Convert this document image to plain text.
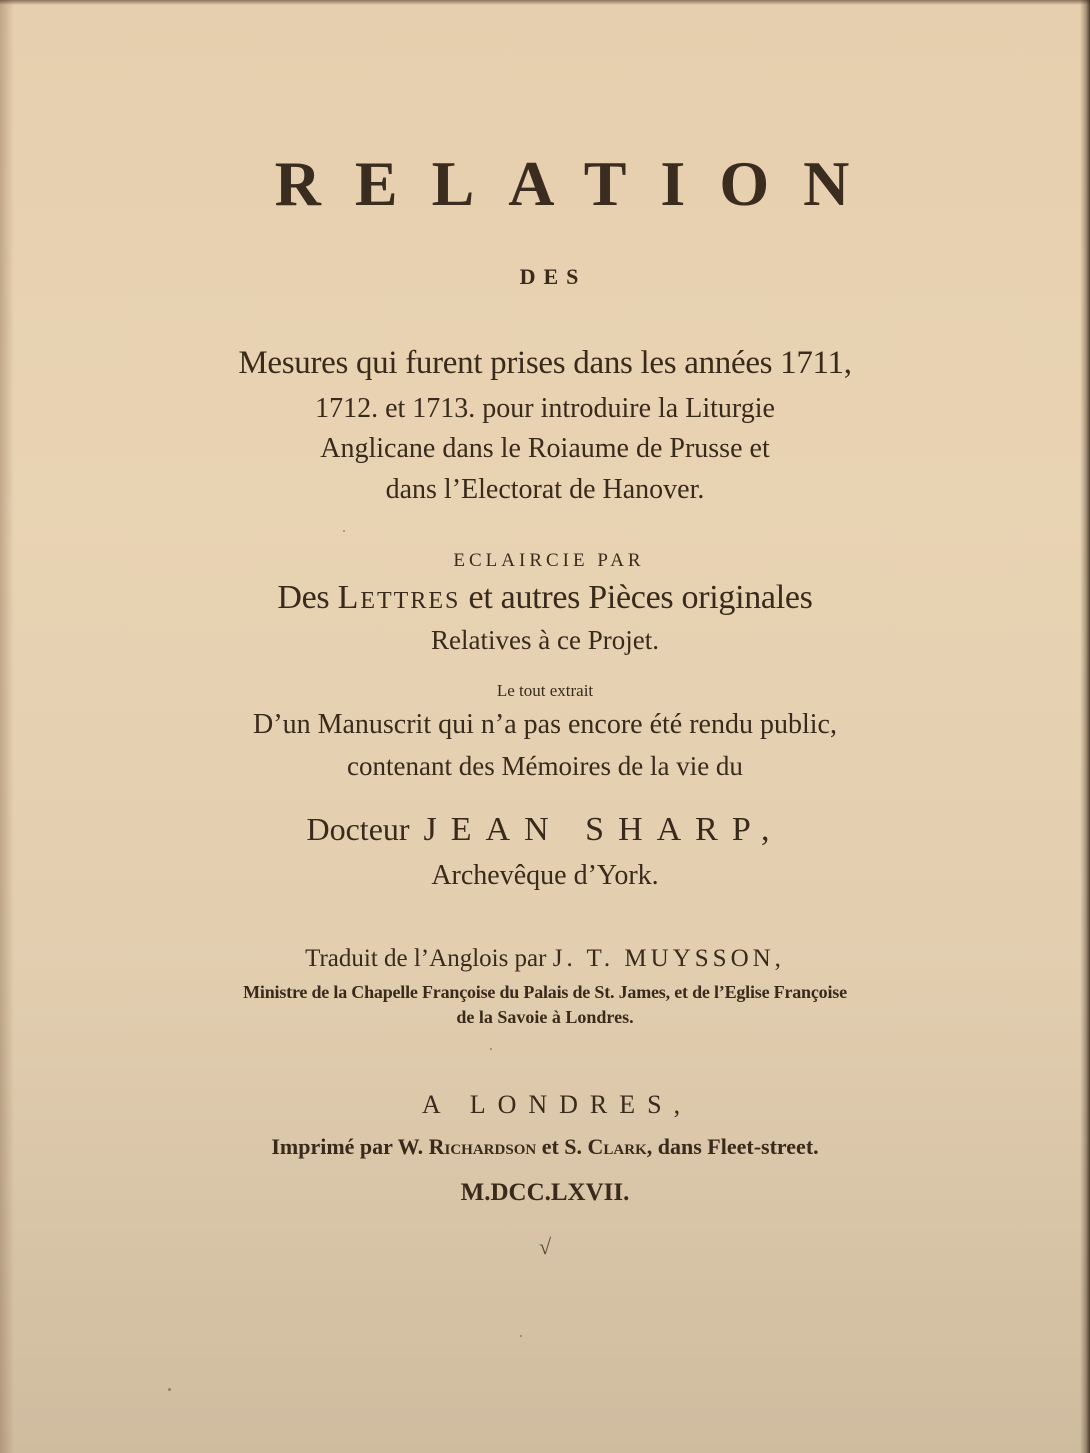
RELATION
DES
Mesures qui furent prises dans les années 1711,
1712. et 1713. pour introduire la Liturgie
Anglicane dans le Roiaume de Prusse et
dans l’Electorat de Hanover.
ECLAIRCIE PAR
Des Lettres et autres Pièces originales
Relatives à ce Projet.
Le tout extrait
D’un Manuscrit qui n’a pas encore été rendu public,
contenant des Mémoires de la vie du
Docteur JEAN SHARP,
Archevêque d’York.
Traduit de l’Anglois par J. T. MUYSSON,
Ministre de la Chapelle Françoise du Palais de St. James, et de l’Eglise Françoise
de la Savoie à Londres.
A LONDRES,
Imprimé par W. Richardson et S. Clark, dans Fleet-street.
M.DCC.LXVII.
√
